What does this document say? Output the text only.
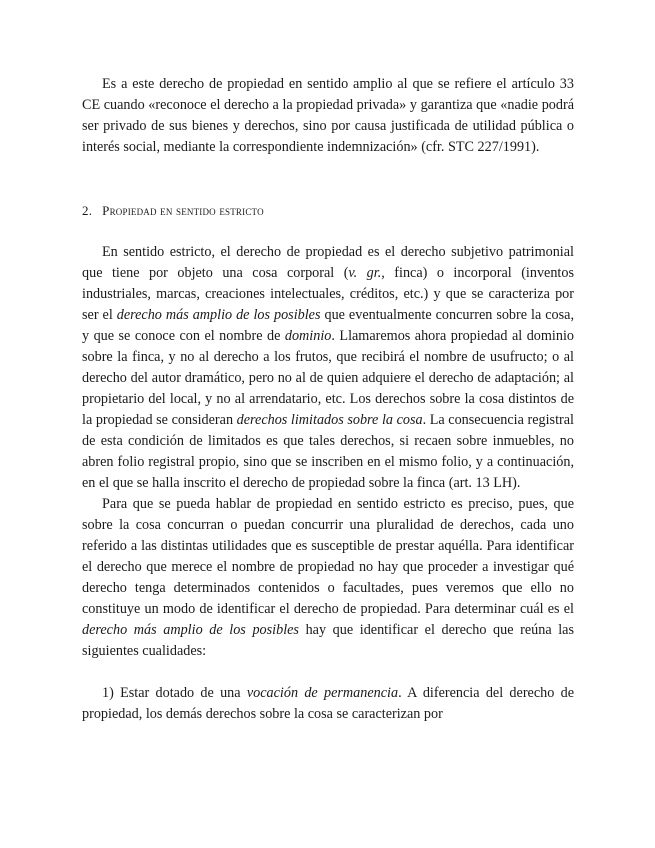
Es a este derecho de propiedad en sentido amplio al que se refiere el artículo 33 CE cuando «reconoce el derecho a la propiedad privada» y garantiza que «nadie podrá ser privado de sus bienes y derechos, sino por causa justificada de utilidad pública o interés social, mediante la correspondiente indemnización» (cfr. STC 227/1991).

2. Propiedad en sentido estricto

En sentido estricto, el derecho de propiedad es el derecho subjetivo patrimonial que tiene por objeto una cosa corporal (v. gr., finca) o incorporal (inventos industriales, marcas, creaciones intelectuales, créditos, etc.) y que se caracteriza por ser el derecho más amplio de los posibles que eventualmente concurren sobre la cosa, y que se conoce con el nombre de dominio. Llamaremos ahora propiedad al dominio sobre la finca, y no al derecho a los frutos, que recibirá el nombre de usufructo; o al derecho del autor dramático, pero no al de quien adquiere el derecho de adaptación; al propietario del local, y no al arrendatario, etc. Los derechos sobre la cosa distintos de la propiedad se consideran derechos limitados sobre la cosa. La consecuencia registral de esta condición de limitados es que tales derechos, si recaen sobre inmuebles, no abren folio registral propio, sino que se inscriben en el mismo folio, y a continuación, en el que se halla inscrito el derecho de propiedad sobre la finca (art. 13 LH).

Para que se pueda hablar de propiedad en sentido estricto es preciso, pues, que sobre la cosa concurran o puedan concurrir una pluralidad de derechos, cada uno referido a las distintas utilidades que es susceptible de prestar aquélla. Para identificar el derecho que merece el nombre de propiedad no hay que proceder a investigar qué derecho tenga determinados contenidos o facultades, pues veremos que ello no constituye un modo de identificar el derecho de propiedad. Para determinar cuál es el derecho más amplio de los posibles hay que identificar el derecho que reúna las siguientes cualidades:

1) Estar dotado de una vocación de permanencia. A diferencia del derecho de propiedad, los demás derechos sobre la cosa se caracterizan por
